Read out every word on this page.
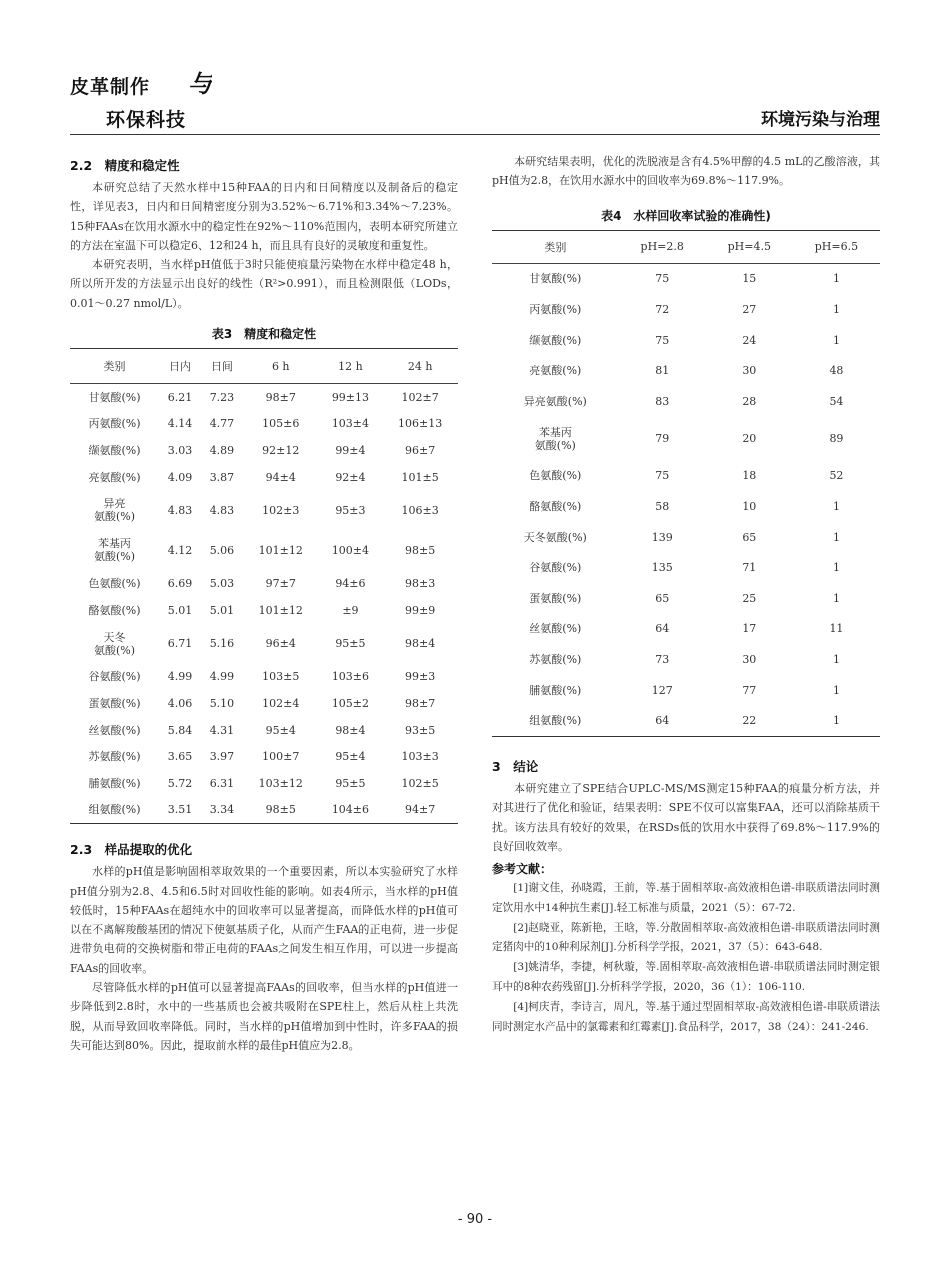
皮革制作
环保科技
与
环境污染与治理
2.2　精度和稳定性

本研究总结了天然水样中15种FAA的日内和日间精度以及制备后的稳定性，详见表3，日内和日间精密度分别为3.52%～6.71%和3.34%～7.23%。15种FAAs在饮用水源水中的稳定性在92%～110%范围内，表明本研究所建立的方法在室温下可以稳定6、12和24 h，而且具有良好的灵敏度和重复性。

本研究表明，当水样pH值低于3时只能使痕量污染物在水样中稳定48 h，所以所开发的方法显示出良好的线性（R²>0.991），而且检测限低（LODs，0.01～0.27 nmol/L）。

表3　精度和稳定性
类别	日内	日间	6 h	12 h	24 h
甘氨酸(%)	6.21	7.23	98±7	99±13	102±7
丙氨酸(%)	4.14	4.77	105±6	103±4	106±13
缬氨酸(%)	3.03	4.89	92±12	99±4	96±7
亮氨酸(%)	4.09	3.87	94±4	92±4	101±5
异亮
氨酸(%)	4.83	4.83	102±3	95±3	106±3
苯基丙
氨酸(%)	4.12	5.06	101±12	100±4	98±5
色氨酸(%)	6.69	5.03	97±7	94±6	98±3
酪氨酸(%)	5.01	5.01	101±12	±9	99±9
天冬
氨酸(%)	6.71	5.16	96±4	95±5	98±4
谷氨酸(%)	4.99	4.99	103±5	103±6	99±3
蛋氨酸(%)	4.06	5.10	102±4	105±2	98±7
丝氨酸(%)	5.84	4.31	95±4	98±4	93±5
苏氨酸(%)	3.65	3.97	100±7	95±4	103±3
脯氨酸(%)	5.72	6.31	103±12	95±5	102±5
组氨酸(%)	3.51	3.34	98±5	104±6	94±7
2.3　样品提取的优化

水样的pH值是影响固相萃取效果的一个重要因素，所以本实验研究了水样pH值分别为2.8、4.5和6.5时对回收性能的影响。如表4所示，当水样的pH值较低时，15种FAAs在超纯水中的回收率可以显著提高，而降低水样的pH值可以在不离解羧酸基团的情况下使氨基质子化，从而产生FAA的正电荷，进一步促进带负电荷的交换树脂和带正电荷的FAAs之间发生相互作用，可以进一步提高FAAs的回收率。

尽管降低水样的pH值可以显著提高FAAs的回收率，但当水样的pH值进一步降低到2.8时，水中的一些基质也会被共吸附在SPE柱上，然后从柱上共洗脱，从而导致回收率降低。同时，当水样的pH值增加到中性时，许多FAA的损失可能达到80%。因此，提取前水样的最佳pH值应为2.8。

本研究结果表明，优化的洗脱液是含有4.5%甲醇的4.5 mL的乙酸溶液，其pH值为2.8，在饮用水源水中的回收率为69.8%～117.9%。

表4　水样回收率试验的准确性)
类别	pH=2.8	pH=4.5	pH=6.5
甘氨酸(%)	75	15	1
丙氨酸(%)	72	27	1
缬氨酸(%)	75	24	1
亮氨酸(%)	81	30	48
异亮氨酸(%)	83	28	54
苯基丙
氨酸(%)	79	20	89
色氨酸(%)	75	18	52
酪氨酸(%)	58	10	1
天冬氨酸(%)	139	65	1
谷氨酸(%)	135	71	1
蛋氨酸(%)	65	25	1
丝氨酸(%)	64	17	11
苏氨酸(%)	73	30	1
脯氨酸(%)	127	77	1
组氨酸(%)	64	22	1
3　结论

本研究建立了SPE结合UPLC-MS/MS测定15种FAA的痕量分析方法，并对其进行了优化和验证，结果表明：SPE不仅可以富集FAA，还可以消除基质干扰。该方法具有较好的效果，在RSDs低的饮用水中获得了69.8%～117.9%的良好回收效率。

参考文献：

[1]谢文佳，孙晓霞，王前，等.基于固相萃取-高效液相色谱-串联质谱法同时测定饮用水中14种抗生素[J].轻工标准与质量，2021（5）：67-72.

[2]赵晓亚，陈新艳，王晗，等.分散固相萃取-高效液相色谱-串联质谱法同时测定猪肉中的10种利尿剂[J].分析科学学报，2021，37（5）：643-648.

[3]姚清华，李捷，柯秋璇，等.固相萃取-高效液相色谱-串联质谱法同时测定银耳中的8种农药残留[J].分析科学学报，2020，36（1）：106-110.

[4]柯庆青，李诗言，周凡，等.基于通过型固相萃取-高效液相色谱-串联质谱法同时测定水产品中的氯霉素和红霉素[J].食品科学，2017，38（24）：241-246.

- 90 -
